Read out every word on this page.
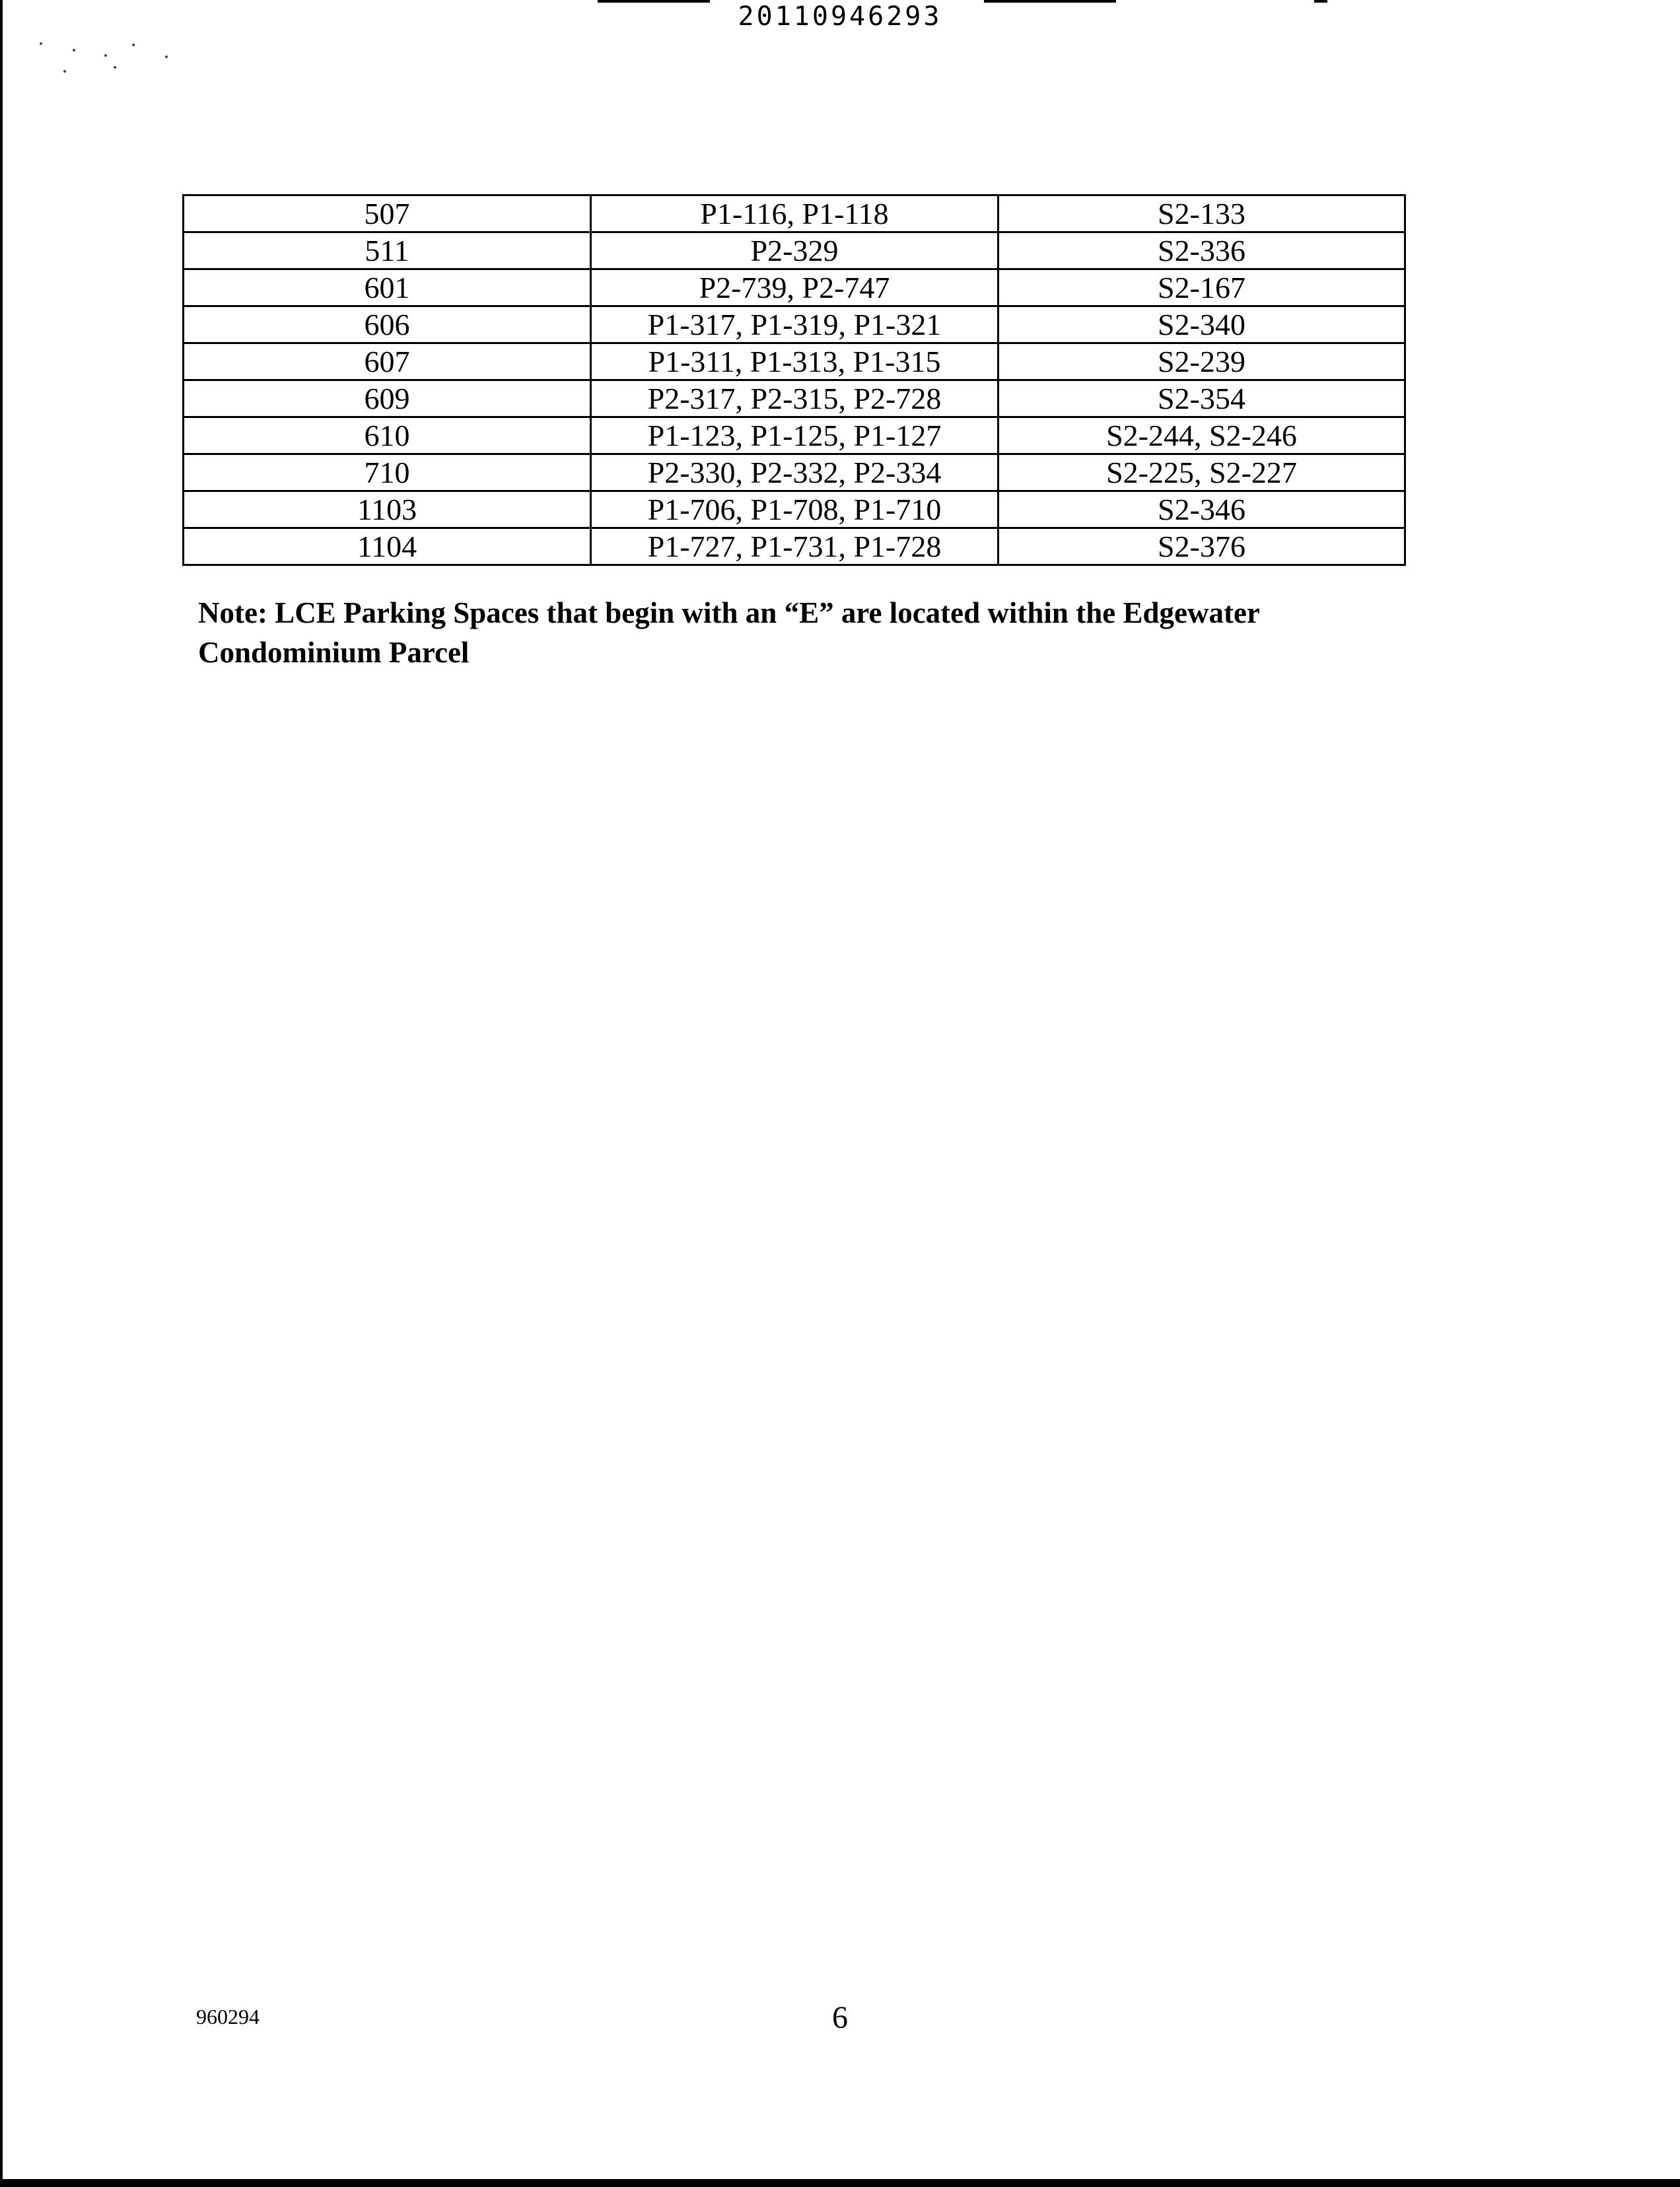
20110946293
507	P1-116, P1-118	S2-133
511	P2-329	S2-336
601	P2-739, P2-747	S2-167
606	P1-317, P1-319, P1-321	S2-340
607	P1-311, P1-313, P1-315	S2-239
609	P2-317, P2-315, P2-728	S2-354
610	P1-123, P1-125, P1-127	S2-244, S2-246
710	P2-330, P2-332, P2-334	S2-225, S2-227
1103	P1-706, P1-708, P1-710	S2-346
1104	P1-727, P1-731, P1-728	S2-376
Note: LCE Parking Spaces that begin with an “E” are located within the Edgewater Condominium Parcel
960294	6
